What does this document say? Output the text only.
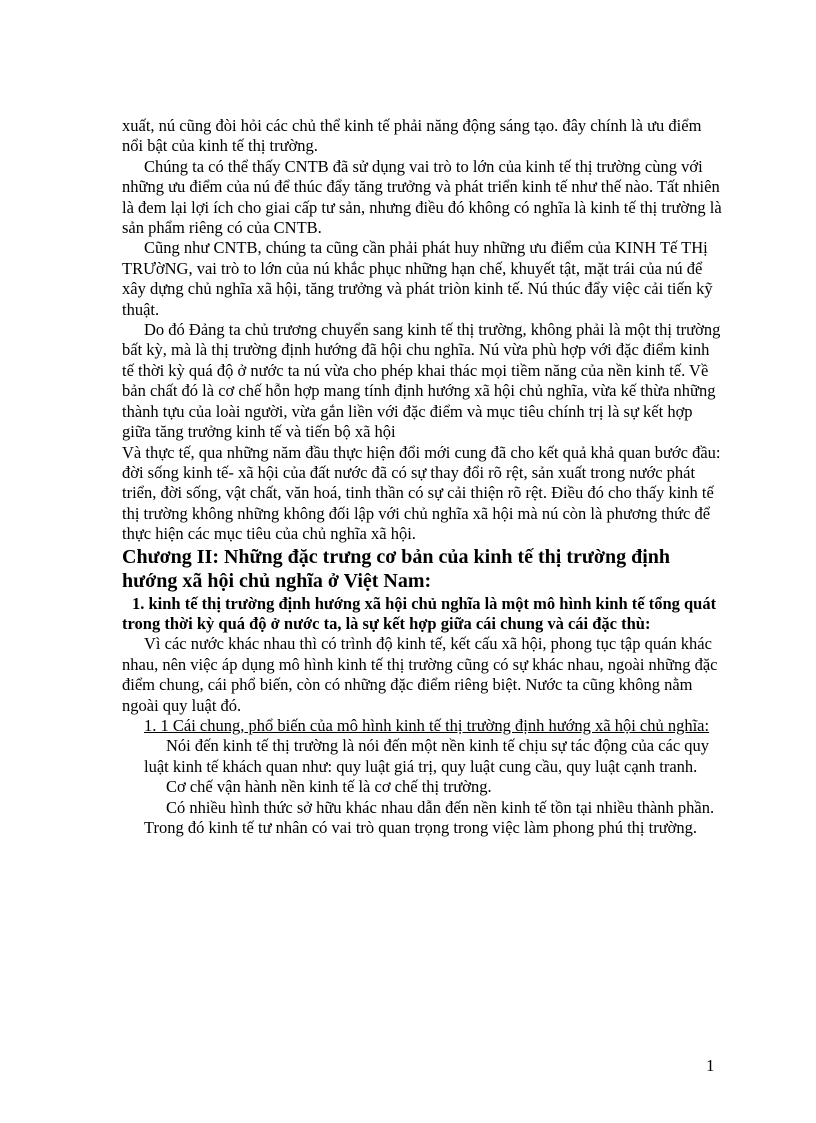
xuất, nú cũng đòi hỏi các chủ thể kinh tế phải năng động sáng tạo. đây chính là ưu điểm nổi bật của kinh tế thị trường.

Chúng ta có thể thấy CNTB đã sử dụng vai trò to lớn của kinh tế thị trường cùng với những ưu điểm của nú để thúc đẩy tăng trưởng và phát triển kinh tế như thế nào. Tất nhiên là đem lại lợi ích cho giai cấp tư sản, nhưng điều đó không có nghĩa là kinh tế thị trường là sản phẩm riêng có của CNTB.

Cũng như CNTB, chúng ta cũng cần phải phát huy những ưu điểm của KINH Tế THị TRƯờNG, vai trò to lớn của nú khắc phục những hạn chế, khuyết tật, mặt trái của nú để xây dựng chủ nghĩa xã hội, tăng trưởng và phát triòn kinh tế. Nú thúc đẩy việc cải tiến kỹ thuật.

Do đó Đảng ta chủ trương chuyển sang kinh tế thị trường, không phải là một thị trường bất kỳ, mà là thị trường định hướng đã hội chu nghĩa. Nú vừa phù hợp với đặc điểm kinh tế thời kỳ quá độ ở nước ta nú vừa cho phép khai thác mọi tiềm năng của nền kinh tế. Về bản chất đó là cơ chế hỗn hợp mang tính định hướng xã hội chủ nghĩa, vừa kế thừa những thành tựu của loài người, vừa gắn liền với đặc điểm và mục tiêu chính trị là sự kết hợp giữa tăng trưởng kinh tế và tiến bộ xã hội

Và thực tế, qua những năm đầu thực hiện đổi mới cung đã cho kết quả khả quan bước đầu: đời sống kinh tế- xã hội của đất nước đã có sự thay đổi rõ rệt, sản xuất trong nước phát triển, đời sống, vật chất, văn hoá, tinh thần có sự cải thiện rõ rệt. Điều đó cho thấy kinh tế thị trường không những không đối lập với chủ nghĩa xã hội mà nú còn là phương thức để thực hiện các mục tiêu của chủ nghĩa xã hội.

Chương II: Những đặc trưng cơ bản của kinh tế thị trường định hướng xã hội chủ nghĩa ở Việt Nam:

1. kinh tế thị trường định hướng xã hội chủ nghĩa là một mô hình kinh tế tổng quát trong thời kỳ quá độ ở nước ta, là sự kết hợp giữa cái chung và cái đặc thù:

Vì các nước khác nhau thì có trình độ kinh tế, kết cấu xã hội, phong tục tập quán khác nhau, nên việc áp dụng mô hình kinh tế thị trường cũng có sự khác nhau, ngoài những đặc điểm chung, cái phổ biến, còn có những đặc điểm riêng biệt. Nước ta cũng không nằm ngoài quy luật đó.

1. 1 Cái chung, phổ biến của mô hình kinh tế thị trường định hướng xã hội chủ nghĩa:

Nói đến kinh tế thị trường là nói đến một nền kinh tế chịu sự tác động của các quy luật kinh tế khách quan như: quy luật giá trị, quy luật cung cầu, quy luật cạnh tranh.

Cơ chế vận hành nền kinh tế là cơ chế thị trường.

Có nhiều hình thức sở hữu khác nhau dẫn đến nền kinh tế tồn tại nhiều thành phần. Trong đó kinh tế tư nhân có vai trò quan trọng trong việc làm phong phú thị trường.

1
